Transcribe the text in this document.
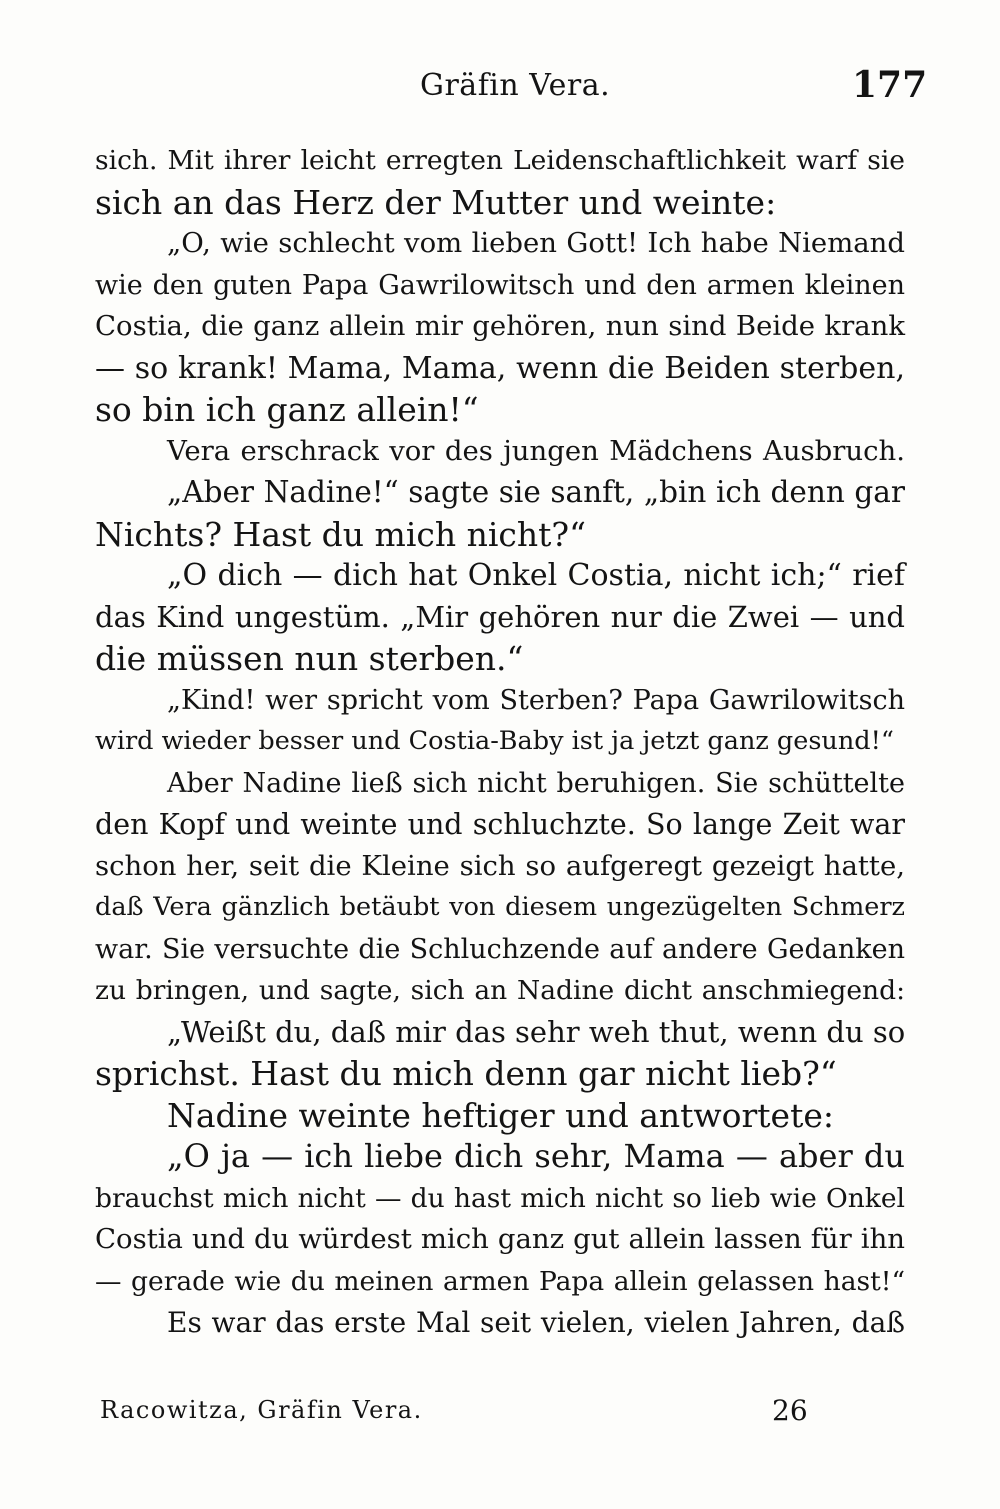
Gräfin Vera.	177
sich. Mit ihrer leicht erregten Leidenschaftlichkeit warf sie
sich an das Herz der Mutter und weinte:
„O, wie schlecht vom lieben Gott! Ich habe Niemand
wie den guten Papa Gawrilowitsch und den armen kleinen
Costia, die ganz allein mir gehören, nun sind Beide krank
— so krank! Mama, Mama, wenn die Beiden sterben,
so bin ich ganz allein!“
Vera erschrack vor des jungen Mädchens Ausbruch.
„Aber Nadine!“ sagte sie sanft, „bin ich denn gar
Nichts? Hast du mich nicht?“
„O dich — dich hat Onkel Costia, nicht ich;“ rief
das Kind ungestüm. „Mir gehören nur die Zwei — und
die müssen nun sterben.“
„Kind! wer spricht vom Sterben? Papa Gawrilowitsch
wird wieder besser und Costia-Baby ist ja jetzt ganz gesund!“
Aber Nadine ließ sich nicht beruhigen. Sie schüttelte
den Kopf und weinte und schluchzte. So lange Zeit war
schon her, seit die Kleine sich so aufgeregt gezeigt hatte,
daß Vera gänzlich betäubt von diesem ungezügelten Schmerz
war. Sie versuchte die Schluchzende auf andere Gedanken
zu bringen, und sagte, sich an Nadine dicht anschmiegend:
„Weißt du, daß mir das sehr weh thut, wenn du so
sprichst. Hast du mich denn gar nicht lieb?“
Nadine weinte heftiger und antwortete:
„O ja — ich liebe dich sehr, Mama — aber du
brauchst mich nicht — du hast mich nicht so lieb wie Onkel
Costia und du würdest mich ganz gut allein lassen für ihn
— gerade wie du meinen armen Papa allein gelassen hast!“
Es war das erste Mal seit vielen, vielen Jahren, daß
Racowitza, Gräfin Vera.	26
